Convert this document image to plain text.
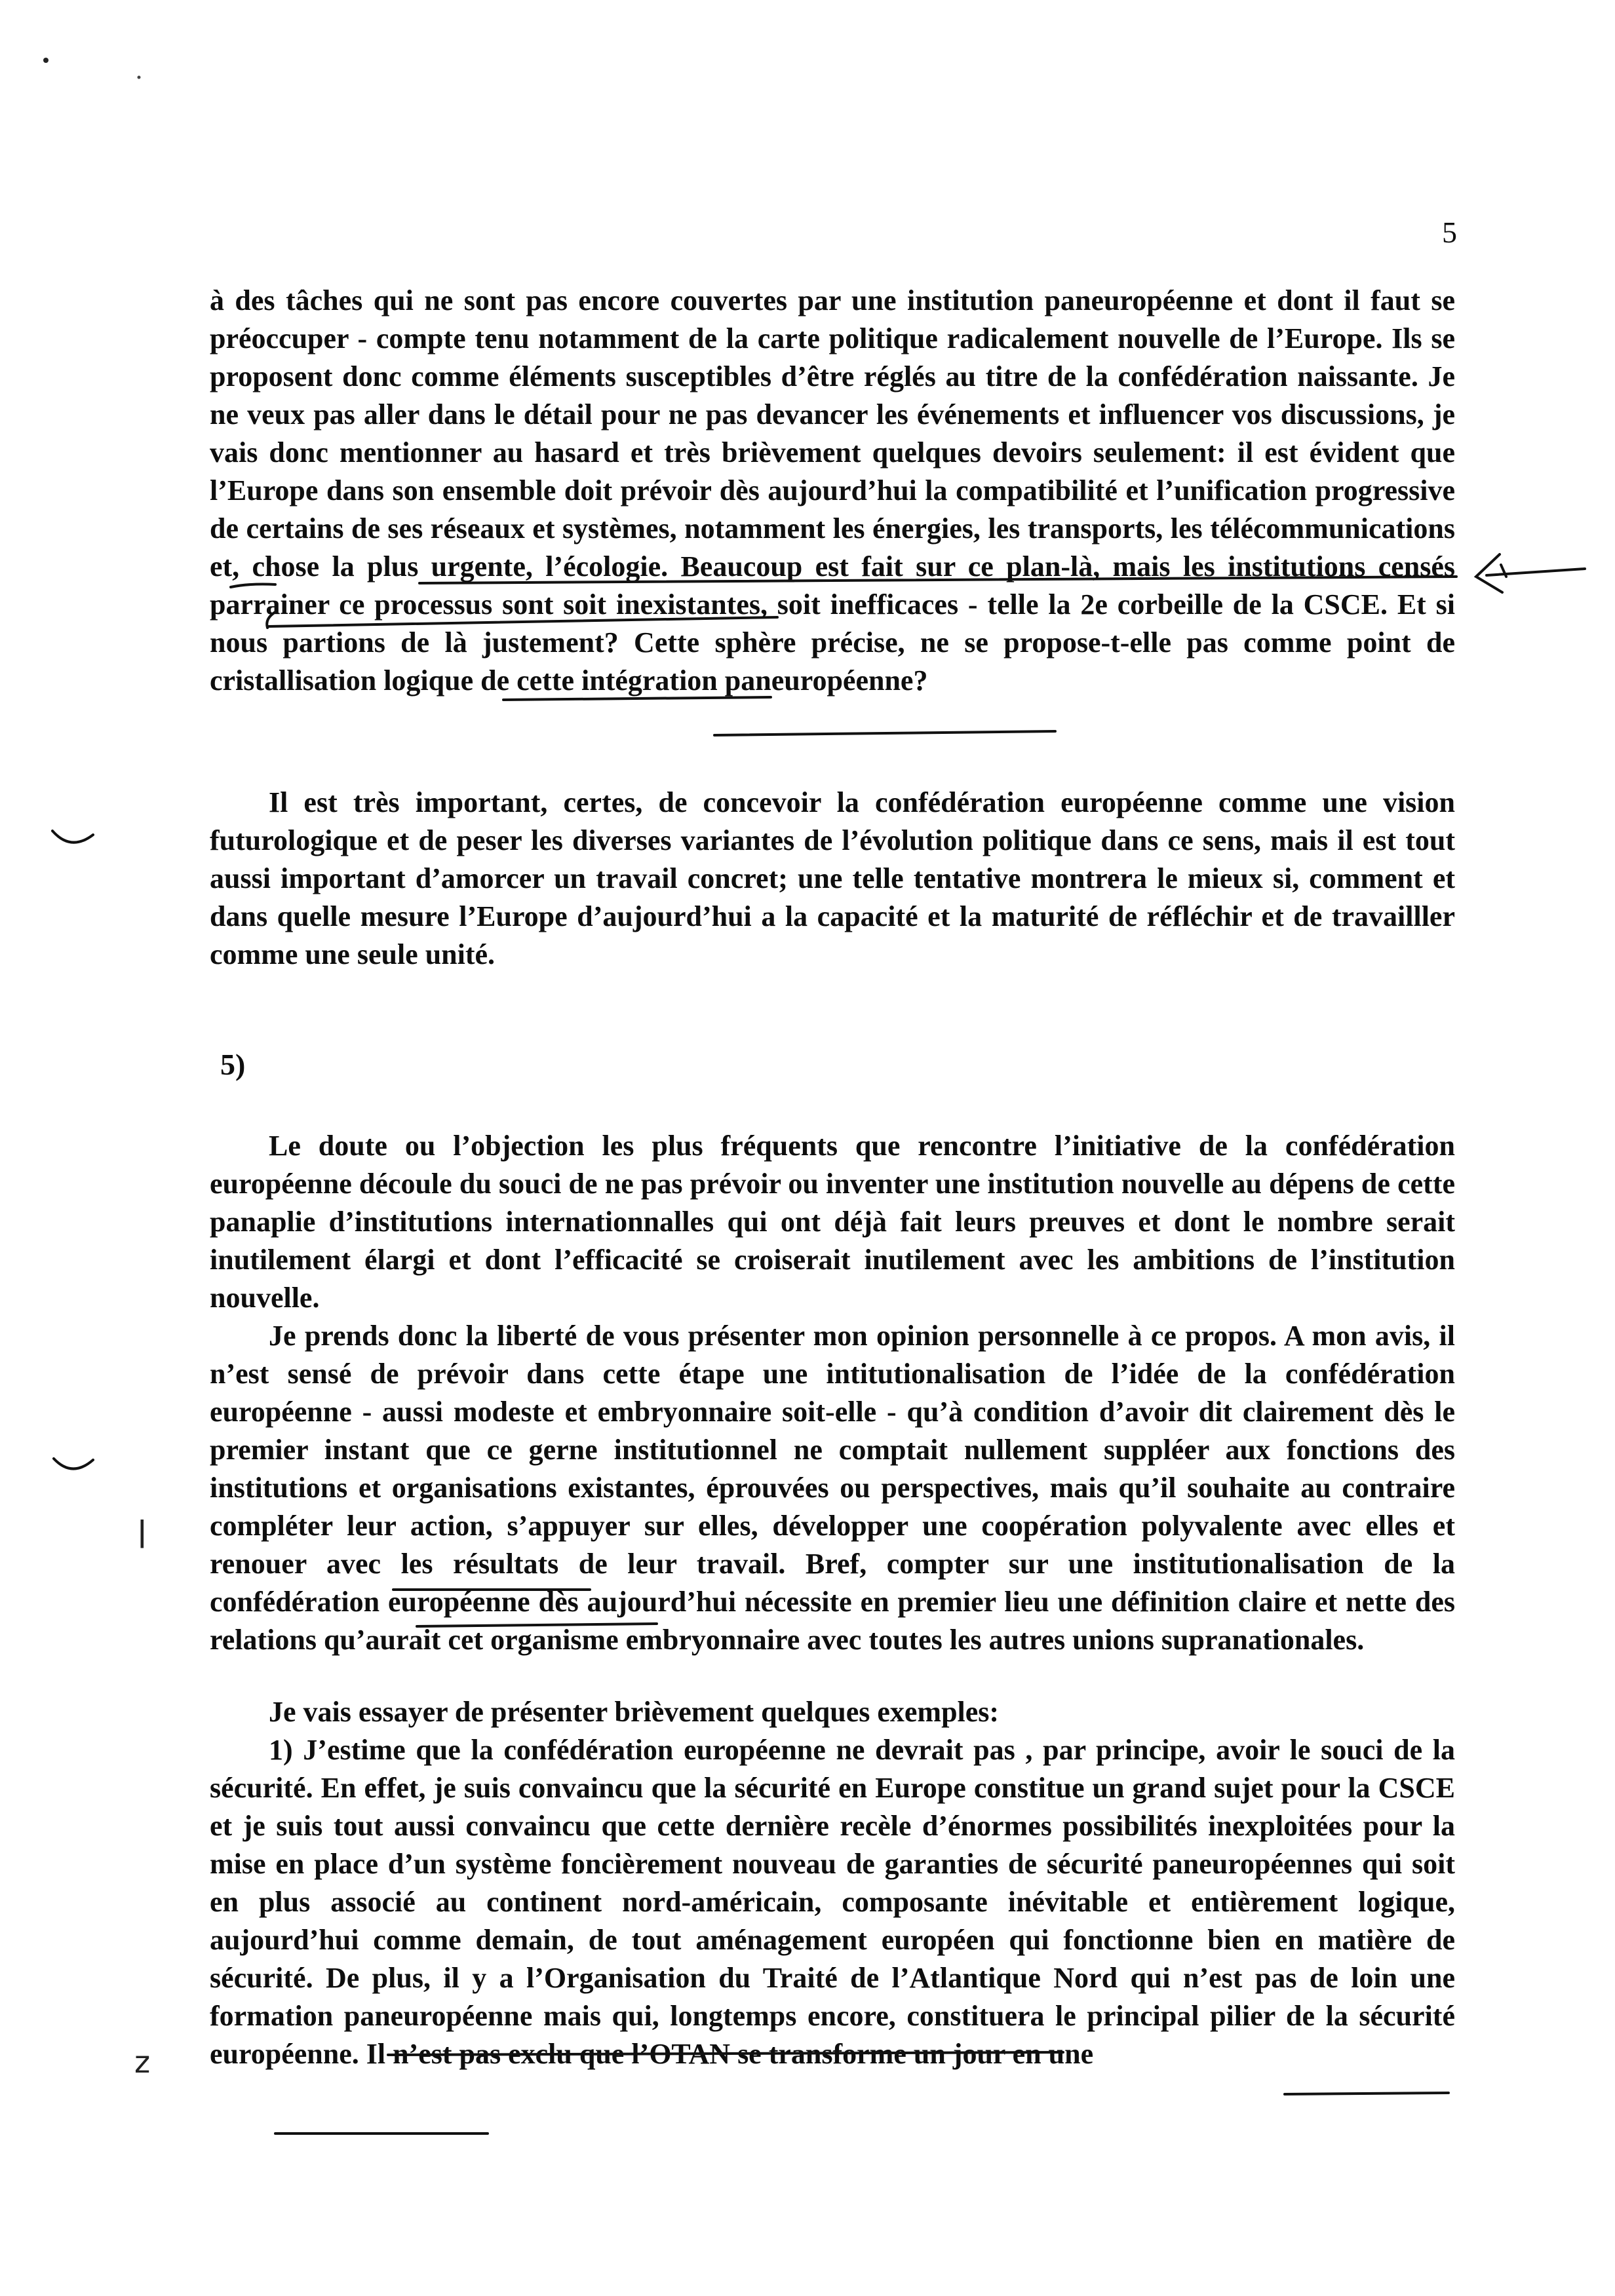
5

à des tâches qui ne sont pas encore couvertes par une institution paneuropéenne et dont il faut se préoccuper - compte tenu notamment de la carte politique radicalement nouvelle de l’Europe. Ils se proposent donc comme éléments susceptibles d’être réglés au titre de la confédération naissante. Je ne veux pas aller dans le détail pour ne pas devancer les événements et influencer vos discussions, je vais donc mentionner au hasard et très brièvement quelques devoirs seulement: il est évident que l’Europe dans son ensemble doit prévoir dès aujourd’hui la compatibilité et l’unification progressive de certains de ses réseaux et systèmes, notamment les énergies, les transports, les télécommunications et, chose la plus urgente, l’écologie. Beaucoup est fait sur ce plan-là, mais les institutions censés parrainer ce processus sont soit inexistantes, soit inefficaces - telle la 2e corbeille de la CSCE. Et si nous partions de là justement? Cette sphère précise, ne se propose-t-elle pas comme point de cristallisation logique de cette intégration paneuropéenne?

Il est très important, certes, de concevoir la confédération européenne comme une vision futurologique et de peser les diverses variantes de l’évolution politique dans ce sens, mais il est tout aussi important d’amorcer un travail concret; une telle tentative montrera le mieux si, comment et dans quelle mesure l’Europe d’aujourd’hui a la capacité et la maturité de réfléchir et de travailller comme une seule unité.

5)

Le doute ou l’objection les plus fréquents que rencontre l’initiative de la confédération européenne découle du souci de ne pas prévoir ou inventer une institution nouvelle au dépens de cette panaplie d’institutions internationnalles qui ont déjà fait leurs preuves et dont le nombre serait inutilement élargi et dont l’efficacité se croiserait inutilement avec les ambitions de l’institution nouvelle.

Je prends donc la liberté de vous présenter mon opinion personnelle à ce propos. A mon avis, il n’est sensé de prévoir dans cette étape une intitutionalisation de l’idée de la confédération européenne - aussi modeste et embryonnaire soit-elle - qu’à condition d’avoir dit clairement dès le premier instant que ce gerne institutionnel ne comptait nullement suppléer aux fonctions des institutions et organisations existantes, éprouvées ou perspectives, mais qu’il souhaite au contraire compléter leur action, s’appuyer sur elles, développer une coopération polyvalente avec elles et renouer avec les résultats de leur travail. Bref, compter sur une institutionalisation de la confédération européenne dès aujourd’hui nécessite en premier lieu une définition claire et nette des relations qu’aurait cet organisme embryonnaire avec toutes les autres unions supranationales.

Je vais essayer de présenter brièvement quelques exemples:

1) J’estime que la confédération européenne ne devrait pas , par principe, avoir le souci de la sécurité. En effet, je suis convaincu que la sécurité en Europe constitue un grand sujet pour la CSCE et je suis tout aussi convaincu que cette dernière recèle d’énormes possibilités inexploitées pour la mise en place d’un système foncièrement nouveau de garanties de sécurité paneuropéennes qui soit en plus associé au continent nord-américain, composante inévitable et entièrement logique, aujourd’hui comme demain, de tout aménagement européen qui fonctionne bien en matière de sécurité. De plus, il y a l’Organisation du Traité de l’Atlantique Nord qui n’est pas de loin une formation paneuropéenne mais qui, longtemps encore, constituera le principal pilier de la sécurité européenne. Il n’est pas exclu que l’OTAN se transforme un jour en une

ǀ
z
